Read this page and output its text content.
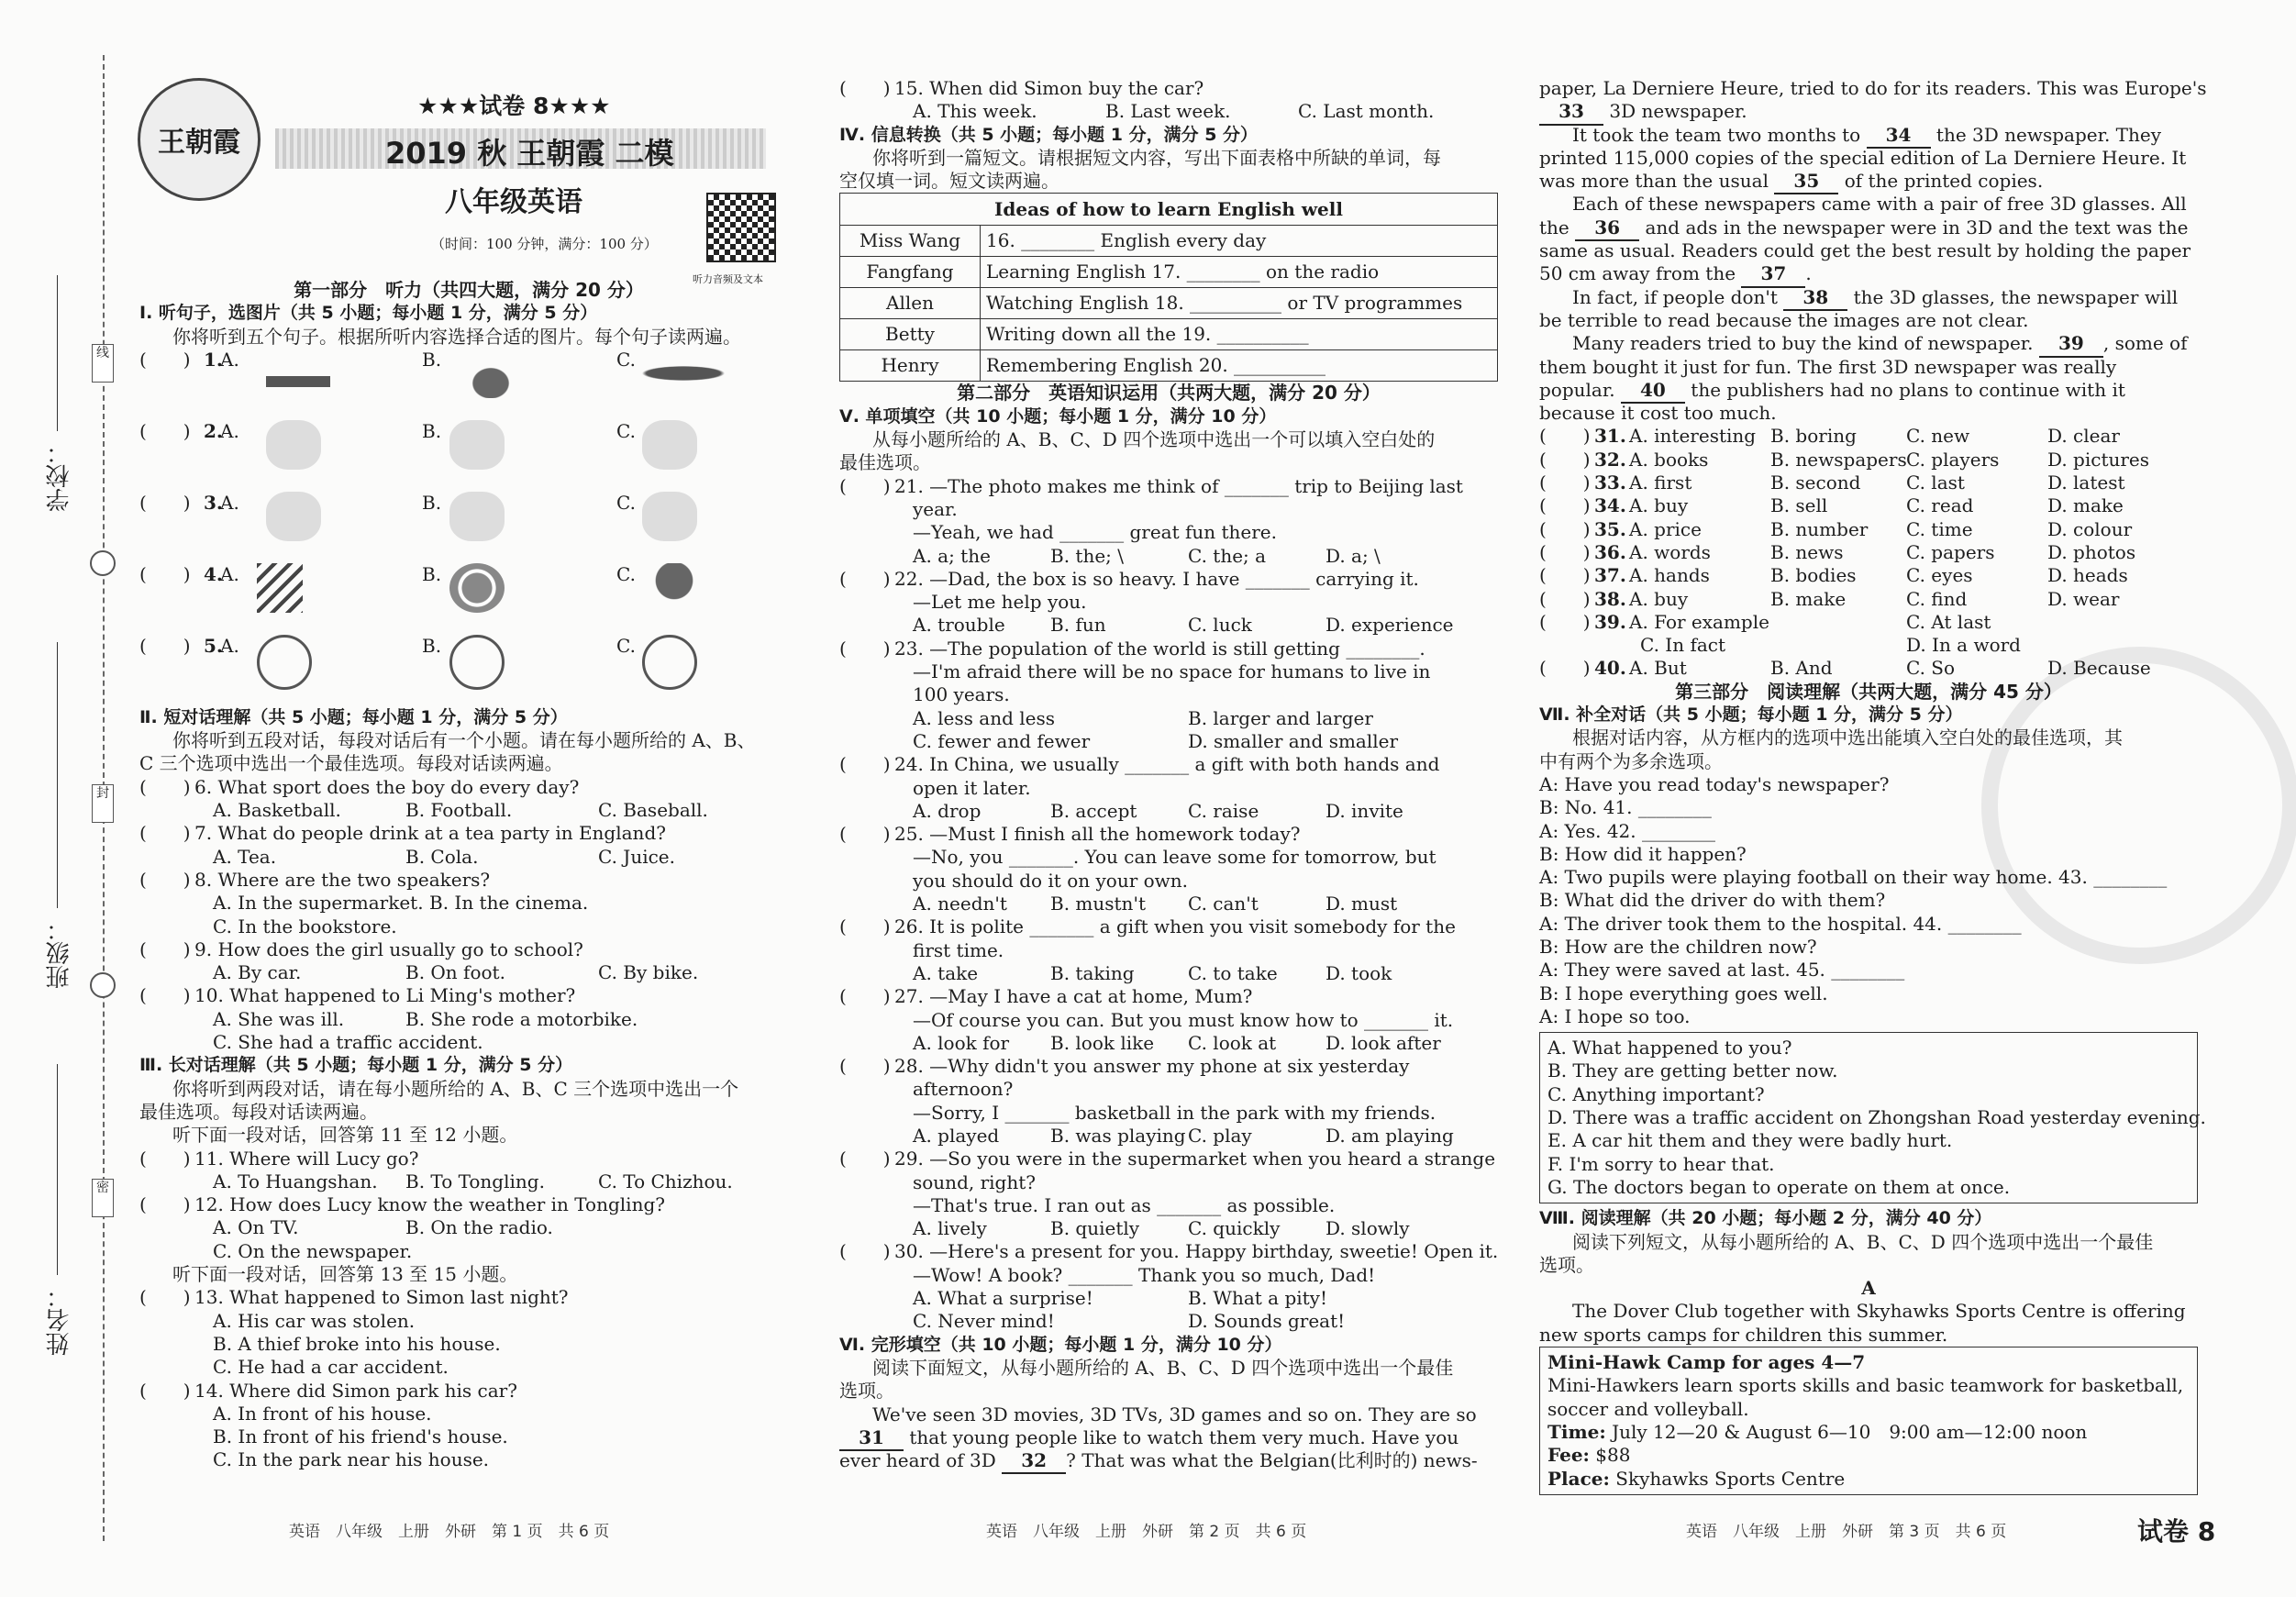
线
封
密
学校：
班级：
姓名：
王朝霞
★★★试卷 8★★★
2019 秋 王朝霞 二模
八年级英语
（时间：100 分钟，满分：100 分）
听力音频及文本
第一部分　听力（共四大题，满分 20 分）
Ⅰ. 听句子，选图片（共 5 小题；每小题 1 分，满分 5 分）
你将听到五个句子。根据所听内容选择合适的图片。每个句子读两遍。
(　　) 1.
A.	B.	C.
(　　) 2.
A.	B.	C.
(　　) 3.
A.	B.	C.
(　　) 4.
A.	B.	C.
(　　) 5.
A.	B.	C.
Ⅱ. 短对话理解（共 5 小题；每小题 1 分，满分 5 分）
你将听到五段对话，每段对话后有一个小题。请在每小题所给的 A、B、
C 三个选项中选出一个最佳选项。每段对话读两遍。
(　　) 6. What sport does the boy do every day?
A. Basketball.	B. Football.	C. Baseball.
(　　) 7. What do people drink at a tea party in England?
A. Tea.	B. Cola.	C. Juice.
(　　) 8. Where are the two speakers?
A. In the supermarket. B. In the cinema.
C. In the bookstore.
(　　) 9. How does the girl usually go to school?
A. By car.	B. On foot.	C. By bike.
(　　) 10. What happened to Li Ming's mother?
A. She was ill.	B. She rode a motorbike.
C. She had a traffic accident.
Ⅲ. 长对话理解（共 5 小题；每小题 1 分，满分 5 分）
你将听到两段对话，请在每小题所给的 A、B、C 三个选项中选出一个
最佳选项。每段对话读两遍。
听下面一段对话，回答第 11 至 12 小题。
(　　) 11. Where will Lucy go?
A. To Huangshan. B. To Tongling.	C. To Chizhou.
(　　) 12. How does Lucy know the weather in Tongling?
A. On TV.	B. On the radio.
C. On the newspaper.
听下面一段对话，回答第 13 至 15 小题。
(　　) 13. What happened to Simon last night?
A. His car was stolen.
B. A thief broke into his house.
C. He had a car accident.
(　　) 14. Where did Simon park his car?
A. In front of his house.
B. In front of his friend's house.
C. In the park near his house.
英语　八年级　上册　外研　第 1 页　共 6 页
(　　) 15. When did Simon buy the car?
A. This week.	B. Last week.	C. Last month.
Ⅳ. 信息转换（共 5 小题；每小题 1 分，满分 5 分）
你将听到一篇短文。请根据短文内容，写出下面表格中所缺的单词，每
空仅填一词。短文读两遍。
Ideas of how to learn English well	
Miss Wang	16. ________ English every day
Fangfang	Learning English 17. ________ on the radio
Allen	Watching English 18. __________ or TV programmes
Betty	Writing down all the 19. __________
Henry	Remembering English 20. __________
第二部分　英语知识运用（共两大题，满分 20 分）
Ⅴ. 单项填空（共 10 小题；每小题 1 分，满分 10 分）
从每小题所给的 A、B、C、D 四个选项中选出一个可以填入空白处的
最佳选项。
(　　) 21. —The photo makes me think of _______ trip to Beijing last
year.
—Yeah, we had _______ great fun there.
A. a; the	B. the; \	C. the; a	D. a; \
(　　) 22. —Dad, the box is so heavy. I have _______ carrying it.
—Let me help you.
A. trouble B. fun	C. luck	D. experience
(　　) 23. —The population of the world is still getting ________.
—I'm afraid there will be no space for humans to live in
100 years.
A. less and less	B. larger and larger
C. fewer and fewer	D. smaller and smaller
(　　) 24. In China, we usually _______ a gift with both hands and
open it later.
A. drop	B. accept	C. raise	D. invite
(　　) 25. —Must I finish all the homework today?
—No, you _______. You can leave some for tomorrow, but
you should do it on your own.
A. needn't B. mustn't C. can't	D. must
(　　) 26. It is polite _______ a gift when you visit somebody for the
first time.
A. take	B. taking	C. to take	D. took
(　　) 27. —May I have a cat at home, Mum?
—Of course you can. But you must know how to _______ it.
A. look for B. look like C. look at	D. look after
(　　) 28. —Why didn't you answer my phone at six yesterday
afternoon?
—Sorry, I _______ basketball in the park with my friends.
A. played	B. was playing C. play	D. am playing
(　　) 29. —So you were in the supermarket when you heard a strange
sound, right?
—That's true. I ran out as _______ as possible.
A. lively	B. quietly	C. quickly D. slowly
(　　) 30. —Here's a present for you. Happy birthday, sweetie! Open it.
—Wow! A book? _______ Thank you so much, Dad!
A. What a surprise!	B. What a pity!
C. Never mind!	D. Sounds great!
Ⅵ. 完形填空（共 10 小题；每小题 1 分，满分 10 分）
阅读下面短文，从每小题所给的 A、B、C、D 四个选项中选出一个最佳
选项。
We've seen 3D movies, 3D TVs, 3D games and so on. They are so
31 that young people like to watch them very much. Have you
ever heard of 3D 32 ? That was what the Belgian(比利时的) news-
英语　八年级　上册　外研　第 2 页　共 6 页
paper, La Derniere Heure, tried to do for its readers. This was Europe's
33 3D newspaper.
It took the team two months to 34 the 3D newspaper. They
printed 115,000 copies of the special edition of La Derniere Heure. It
was more than the usual 35 of the printed copies.
Each of these newspapers came with a pair of free 3D glasses. All
the 36 and ads in the newspaper were in 3D and the text was the
same as usual. Readers could get the best result by holding the paper
50 cm away from the 37 .
In fact, if people don't 38 the 3D glasses, the newspaper will
be terrible to read because the images are not clear.
Many readers tried to buy the kind of newspaper. 39 , some of
them bought it just for fun. The first 3D newspaper was really
popular. 40 the publishers had no plans to continue with it
because it cost too much.
(　　) 31. A. interesting B. boring	C. new	D. clear
(　　) 32. A. books	B. newspapers C. players	D. pictures
(　　) 33. A. first	B. second C. last	D. latest
(　　) 34. A. buy	B. sell	C. read	D. make
(　　) 35. A. price	B. number C. time	D. colour
(　　) 36. A. words	B. news	C. papers	D. photos
(　　) 37. A. hands	B. bodies	C. eyes	D. heads
(　　) 38. A. buy	B. make	C. find	D. wear
(　　) 39. A. For example	C. At last
C. In fact	D. In a word
(　　) 40. A. But	B. And	C. So	D. Because
第三部分　阅读理解（共两大题，满分 45 分）
Ⅶ. 补全对话（共 5 小题；每小题 1 分，满分 5 分）
根据对话内容，从方框内的选项中选出能填入空白处的最佳选项，其
中有两个为多余选项。
A: Have you read today's newspaper?
B: No. 41. ________
A: Yes. 42. ________
B: How did it happen?
A: Two pupils were playing football on their way home. 43. ________
B: What did the driver do with them?
A: The driver took them to the hospital. 44. ________
B: How are the children now?
A: They were saved at last. 45. ________
B: I hope everything goes well.
A: I hope so too.
A. What happened to you?
B. They are getting better now.
C. Anything important?
D. There was a traffic accident on Zhongshan Road yesterday evening.
E. A car hit them and they were badly hurt.
F. I'm sorry to hear that.
G. The doctors began to operate on them at once.
Ⅷ. 阅读理解（共 20 小题；每小题 2 分，满分 40 分）
阅读下列短文，从每小题所给的 A、B、C、D 四个选项中选出一个最佳
选项。
A
The Dover Club together with Skyhawks Sports Centre is offering
new sports camps for children this summer.
Mini-Hawk Camp for ages 4—7
Mini-Hawkers learn sports skills and basic teamwork for basketball,
soccer and volleyball.
Time: July 12—20 & August 6—10　9:00 am—12:00 noon
Fee: $88
Place: Skyhawks Sports Centre
英语　八年级　上册　外研　第 3 页　共 6 页	试卷 8
